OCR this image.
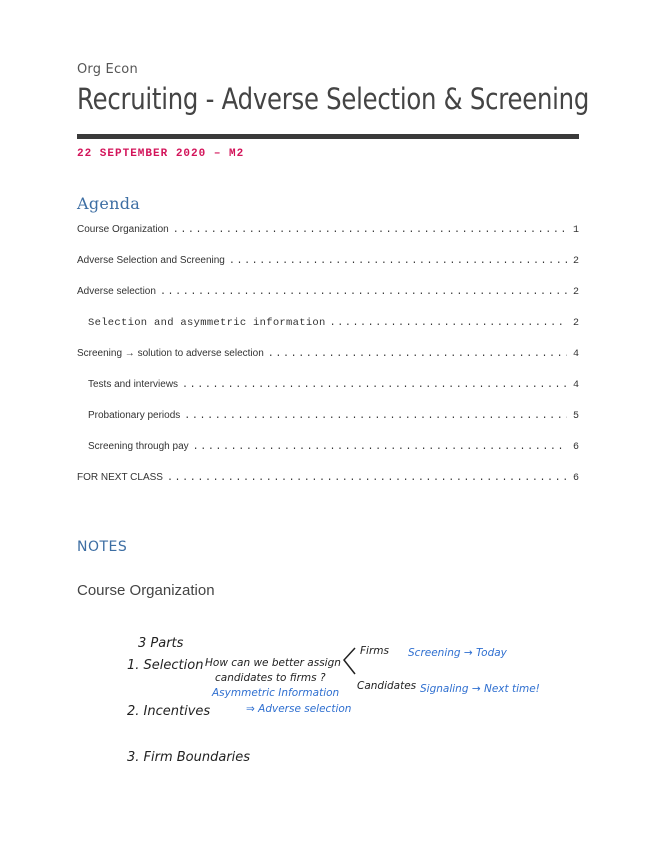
Org Econ
Recruiting - Adverse Selection & Screening
22 SEPTEMBER 2020 – M2
Agenda
Course Organization . . .	1
Adverse Selection and Screening . . .	2
Adverse selection . . .	2
Selection and asymmetric information . . .	2
Screening → solution to adverse selection . . .	4
Tests and interviews . . .	4
Probationary periods . . .	5
Screening through pay . . .	6
FOR NEXT CLASS . . .	6
NOTES
Course Organization
3 Parts
1. Selection
2. Incentives
3. Firm Boundaries
How can we better assign
candidates to firms ?
Firms
Candidates
Asymmetric Information
⇒ Adverse selection
Screening → Today
Signaling → Next time!
